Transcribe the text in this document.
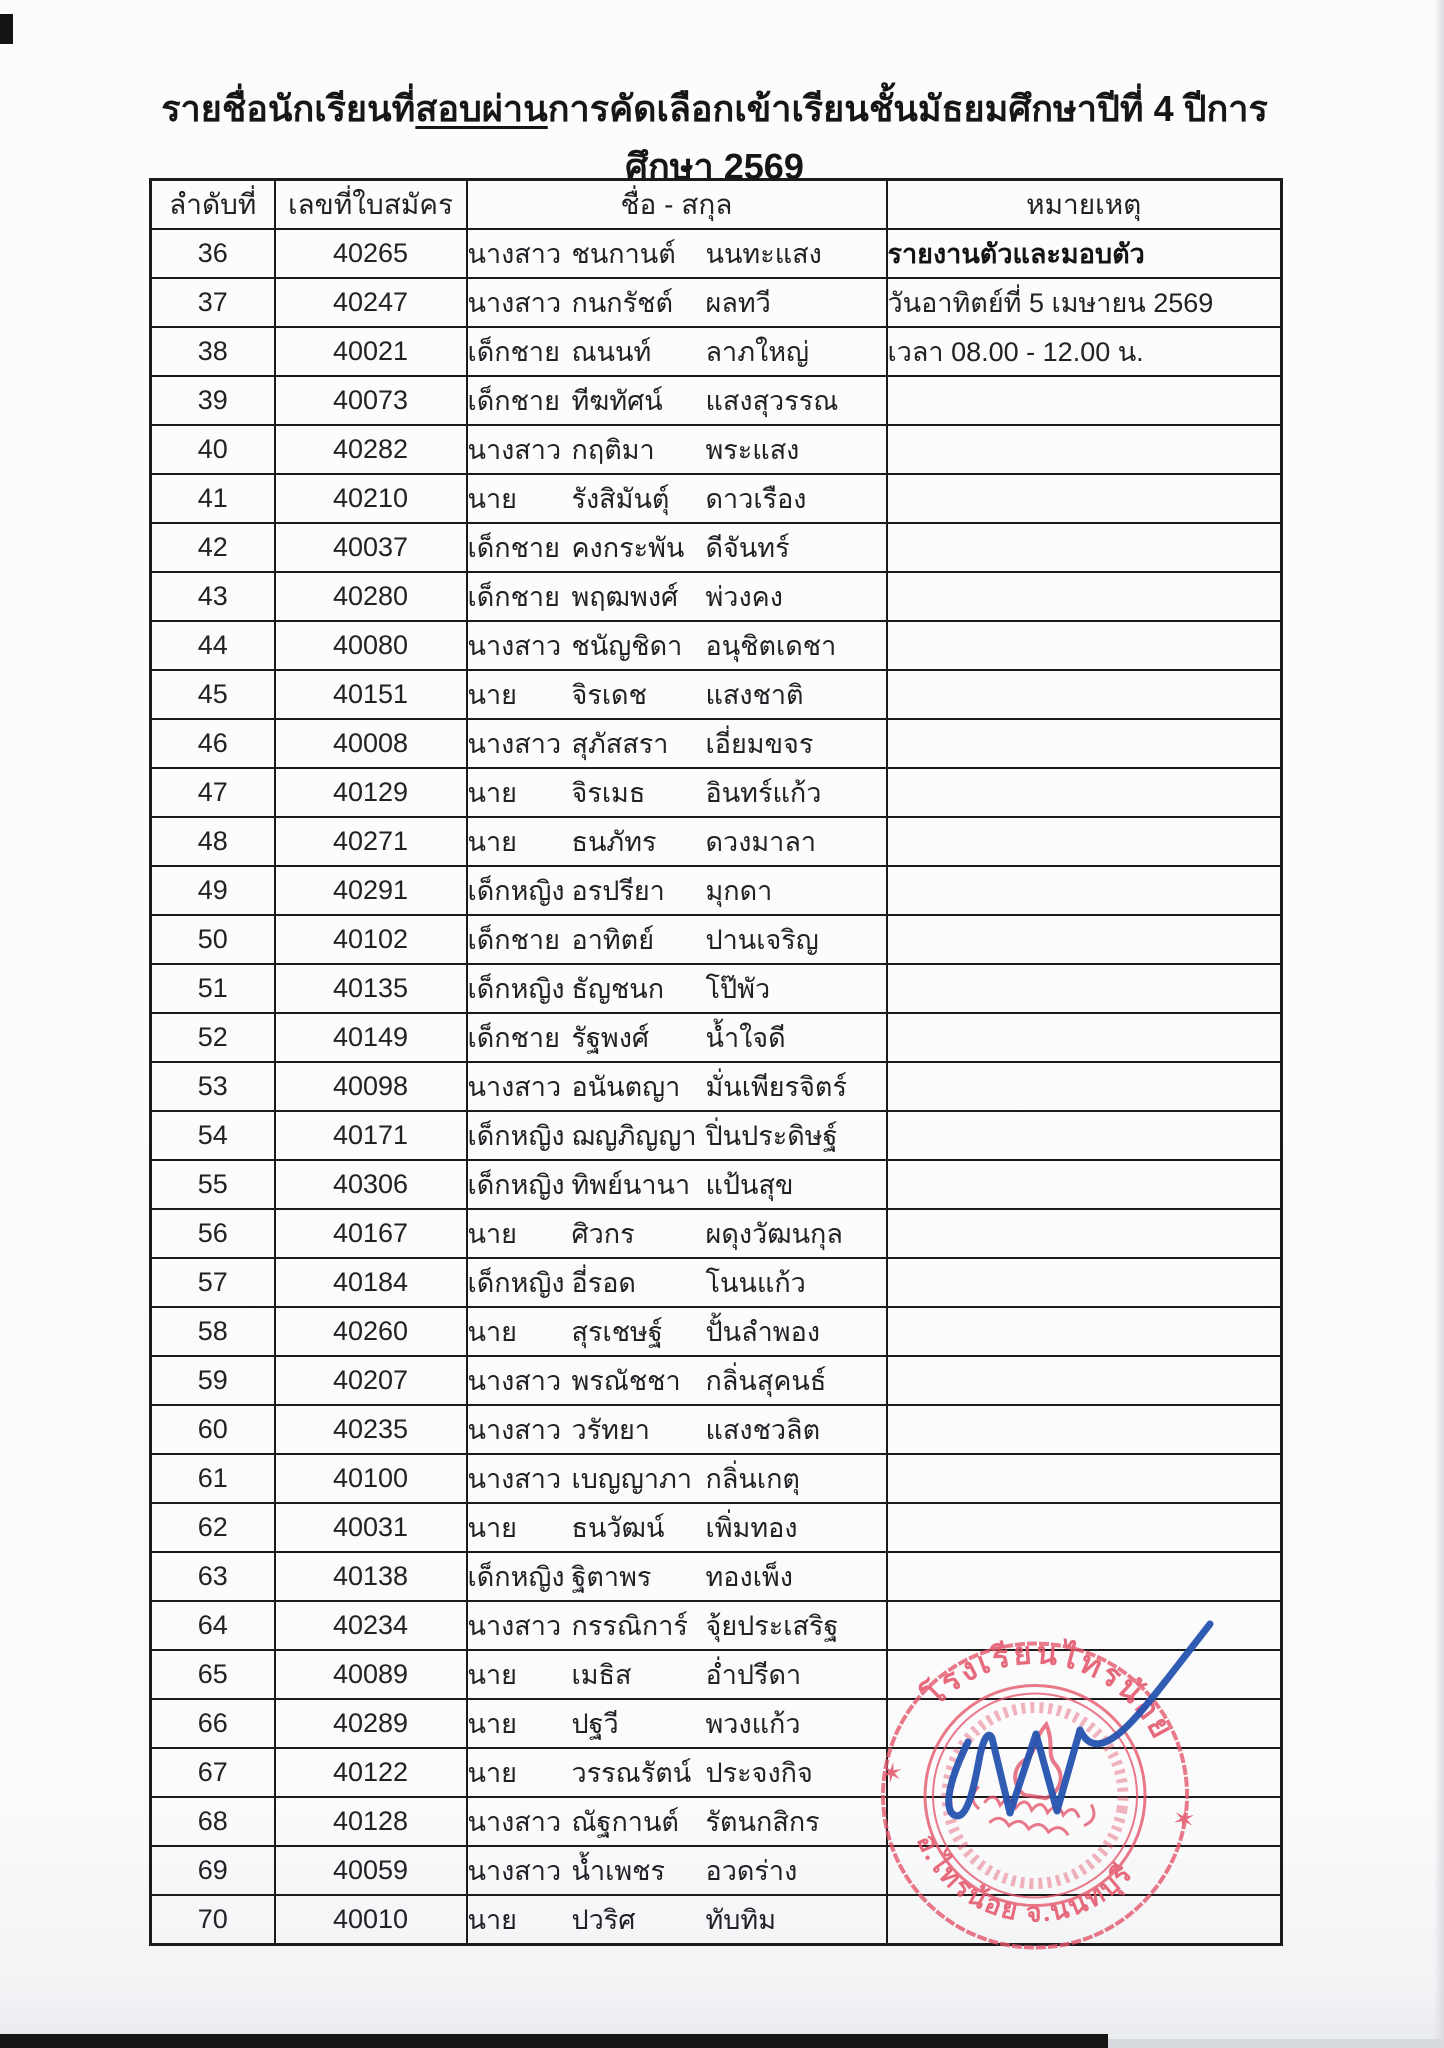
รายชื่อนักเรียนที่สอบผ่านการคัดเลือกเข้าเรียนชั้นมัธยมศึกษาปีที่ 4 ปีการศึกษา 2569
ลำดับที่	เลขที่ใบสมัคร	ชื่อ - สกุล	หมายเหตุ
36	40265	นางสาว ชนกานต์ นนทะแสง	รายงานตัวและมอบตัว
37	40247	นางสาว กนกรัชต์ ผลทวี	วันอาทิตย์ที่ 5 เมษายน 2569
38	40021	เด็กชาย ณนนท์ ลาภใหญ่	เวลา 08.00 - 12.00 น.
39	40073	เด็กชาย ทีฆทัศน์ แสงสุวรรณ	
40	40282	นางสาว กฤติมา พระแสง	
41	40210	นาย รังสิมันตุ์ ดาวเรือง	
42	40037	เด็กชาย คงกระพัน ดีจันทร์	
43	40280	เด็กชาย พฤฒพงศ์ พ่วงคง	
44	40080	นางสาว ชนัญชิดา อนุชิตเดชา	
45	40151	นาย จิรเดช แสงชาติ	
46	40008	นางสาว สุภัสสรา เอี่ยมขจร	
47	40129	นาย จิรเมธ อินทร์แก้ว	
48	40271	นาย ธนภัทร ดวงมาลา	
49	40291	เด็กหญิง อรปรียา มุกดา	
50	40102	เด็กชาย อาทิตย์ ปานเจริญ	
51	40135	เด็กหญิง ธัญชนก โป๊พัว	
52	40149	เด็กชาย รัฐพงศ์ น้ำใจดี	
53	40098	นางสาว อนันตญา มั่นเพียรจิตร์	
54	40171	เด็กหญิง ฌญภิญญา ปิ่นประดิษฐ์	
55	40306	เด็กหญิง ทิพย์นานา แป้นสุข	
56	40167	นาย ศิวกร ผดุงวัฒนกุล	
57	40184	เด็กหญิง อี่รอด โนนแก้ว	
58	40260	นาย สุรเชษฐ์ ปั้นลำพอง	
59	40207	นางสาว พรณัชชา กลิ่นสุคนธ์	
60	40235	นางสาว วรัทยา แสงชวลิต	
61	40100	นางสาว เบญญาภา กลิ่นเกตุ	
62	40031	นาย ธนวัฒน์ เพิ่มทอง	
63	40138	เด็กหญิง ฐิตาพร ทองเพ็ง	
64	40234	นางสาว กรรณิการ์ จุ้ยประเสริฐ	
65	40089	นาย เมธิส อ่ำปรีดา	
66	40289	นาย ปฐวี พวงแก้ว	
67	40122	นาย วรรณรัตน์ ประจงกิจ	
68	40128	นางสาว ณัฐกานต์ รัตนกสิกร	
69	40059	นางสาว น้ำเพชร อวดร่าง	
70	40010	นาย ปวริศ ทับทิม	
โรงเรียนไทรน้อย
อ.ไทรน้อย จ.นนทบุรี
✶
✶
